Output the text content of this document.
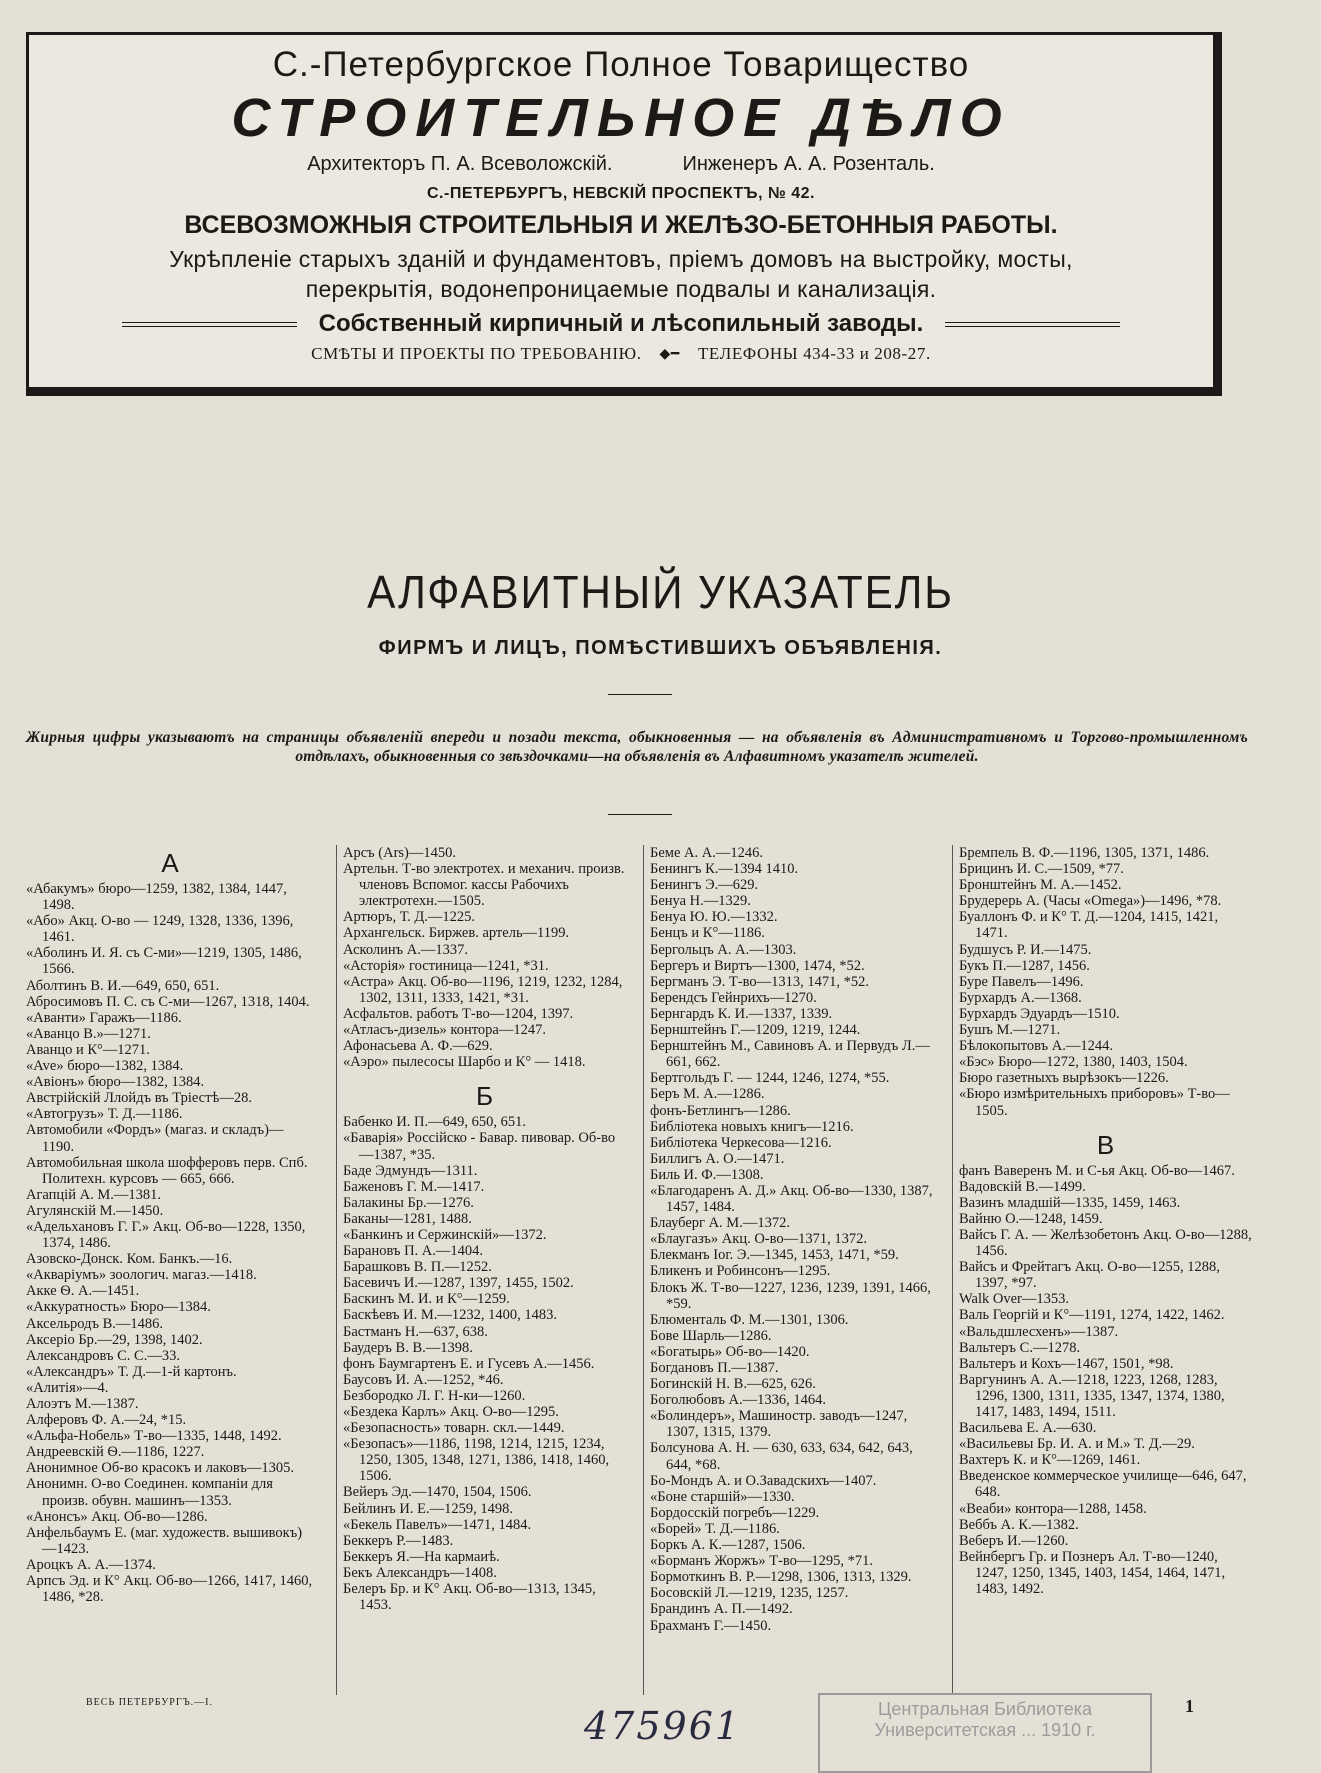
С.-Петербургское Полное Товарищество
СТРОИТЕЛЬНОЕ ДѢЛО
Архитекторъ П. А. Всеволожскій.	Инженеръ А. А. Розенталь.
С.-ПЕТЕРБУРГЪ, НЕВСКІЙ ПРОСПЕКТЪ, № 42.
ВСЕВОЗМОЖНЫЯ СТРОИТЕЛЬНЫЯ И ЖЕЛѢЗО-БЕТОННЫЯ РАБОТЫ.
Укрѣпленіе старыхъ зданій и фундаментовъ, пріемъ домовъ на выстройку, мосты,
перекрытія, водонепроницаемые подвалы и канализація.
Собственный кирпичный и лѣсопильный заводы.
СМѢТЫ И ПРОЕКТЫ ПО ТРЕБОВАНІЮ. ◆━ ТЕЛЕФОНЫ 434-33 и 208-27.
АЛФАВИТНЫЙ УКАЗАТЕЛЬ
ФИРМЪ И ЛИЦЪ, ПОМѢСТИВШИХЪ ОБЪЯВЛЕНІЯ.
Жирныя цифры указываютъ на страницы объявленій впереди и позади текста, обыкновенныя — на объявленія въ Административномъ и Торгово-промышленномъ отдѣлахъ, обыкновенныя со звѣздочками—на объявленія въ Алфавитномъ указателѣ жителей.
А

«Абакумъ» бюро—1259, 1382, 1384, 1447, 1498.

«Або» Акц. О-во — 1249, 1328, 1336, 1396, 1461.

«Аболинъ И. Я. съ С-ми»—1219, 1305, 1486, 1566.

Аболтинъ В. И.—649, 650, 651.

Абросимовъ П. С. съ С-ми—1267, 1318, 1404.

«Аванти» Гаражъ—1186.

«Аванцо В.»—1271.

Аванцо и К°—1271.

«Ave» бюро—1382, 1384.

«Авіонъ» бюро—1382, 1384.

Австрійскій Ллойдъ въ Тріестѣ—28.

«Автогрузъ» Т. Д.—1186.

Автомобили «Фордъ» (магаз. и складъ)—1190.

Автомобильная школа шофферовъ перв. Спб. Политехн. курсовъ — 665, 666.

Агапцій А. М.—1381.

Агулянскій М.—1450.

«Адельхановъ Г. Г.» Акц. Об-во—1228, 1350, 1374, 1486.

Азовско-Донск. Ком. Банкъ.—16.

«Акваріумъ» зоологич. магаз.—1418.

Акке Ѳ. А.—1451.

«Аккуратность» Бюро—1384.

Аксельродъ В.—1486.

Аксеріо Бр.—29, 1398, 1402.

Александровъ С. С.—33.

«Александръ» Т. Д.—1-й картонъ.

«Алитія»—4.

Алоэтъ М.—1387.

Алферовъ Ф. А.—24, *15.

«Альфа-Нобель» Т-во—1335, 1448, 1492.

Андреевскій Ѳ.—1186, 1227.

Анонимное Об-во красокъ и лаковъ—1305.

Анонимн. О-во Соединен. компаніи для произв. обувн. машинъ—1353.

«Анонсъ» Акц. Об-во—1286.

Анфельбаумъ Е. (маг. художеств. вышивокъ)—1423.

Ароцкъ А. А.—1374.

Арпсъ Эд. и К° Акц. Об-во—1266, 1417, 1460, 1486, *28.

Арсъ (Ars)—1450.

Артельн. Т-во электротех. и механич. произв. членовъ Вспомог. кассы Рабочихъ электротехн.—1505.

Артюръ, Т. Д.—1225.

Архангельск. Биржев. артель—1199.

Асколинъ А.—1337.

«Асторія» гостиница—1241, *31.

«Астра» Акц. Об-во—1196, 1219, 1232, 1284, 1302, 1311, 1333, 1421, *31.

Асфальтов. работъ Т-во—1204, 1397.

«Атласъ-дизель» контора—1247.

Афонасьева А. Ф.—629.

«Аэро» пылесосы Шарбо и К° — 1418.

Б

Бабенко И. П.—649, 650, 651.

«Баварія» Россійско - Бавар. пивовар. Об-во—1387, *35.

Баде Эдмундъ—1311.

Баженовъ Г. М.—1417.

Балакины Бр.—1276.

Баканы—1281, 1488.

«Банкинъ и Сержинскій»—1372.

Барановъ П. А.—1404.

Барашковъ В. П.—1252.

Басевичъ И.—1287, 1397, 1455, 1502.

Баскинъ М. И. и К°—1259.

Баскѣевъ И. М.—1232, 1400, 1483.

Бастманъ Н.—637, 638.

Баудеръ В. В.—1398.

фонъ Баумгартенъ Е. и Гусевъ А.—1456.

Баусовъ И. А.—1252, *46.

Безбородко Л. Г. Н-ки—1260.

«Бездека Карлъ» Акц. О-во—1295.

«Безопасность» товарн. скл.—1449.

«Безопасъ»—1186, 1198, 1214, 1215, 1234, 1250, 1305, 1348, 1271, 1386, 1418, 1460, 1506.

Вейеръ Эд.—1470, 1504, 1506.

Бейлинъ И. Е.—1259, 1498.

«Бекель Павелъ»—1471, 1484.

Беккеръ Р.—1483.

Беккеръ Я.—На кармаиѣ.

Бекъ Александръ—1408.

Белеръ Бр. и К° Акц. Об-во—1313, 1345, 1453.

Беме А. А.—1246.

Бенингъ К.—1394 1410.

Бенингъ Э.—629.

Бенуа Н.—1329.

Бенуа Ю. Ю.—1332.

Бенцъ и К°—1186.

Бергольцъ А. А.—1303.

Бергеръ и Виртъ—1300, 1474, *52.

Бергманъ Э. Т-во—1313, 1471, *52.

Берендсъ Гейнрихъ—1270.

Бернгардъ К. И.—1337, 1339.

Бернштейнъ Г.—1209, 1219, 1244.

Бернштейнъ М., Савиновъ А. и Первудъ Л.—661, 662.

Бертгольдъ Г. — 1244, 1246, 1274, *55.

Беръ М. А.—1286.

фонъ-Бетлингъ—1286.

Библіотека новыхъ книгъ—1216.

Библіотека Черкесова—1216.

Биллигъ А. О.—1471.

Биль И. Ф.—1308.

«Благодаренъ А. Д.» Акц. Об-во—1330, 1387, 1457, 1484.

Блауберг А. М.—1372.

«Блаугазъ» Акц. О-во—1371, 1372.

Блекманъ Іог. Э.—1345, 1453, 1471, *59.

Бликенъ и Робинсонъ—1295.

Блокъ Ж. Т-во—1227, 1236, 1239, 1391, 1466, *59.

Блюменталь Ф. М.—1301, 1306.

Бове Шарль—1286.

«Богатырь» Об-во—1420.

Богдановъ П.—1387.

Богинскій Н. В.—625, 626.

Боголюбовъ А.—1336, 1464.

«Болиндеръ», Машиностр. заводъ—1247, 1307, 1315, 1379.

Болсунова А. Н. — 630, 633, 634, 642, 643, 644, *68.

Бо-Мондъ А. и О.Завадскихъ—1407.

«Боне старшій»—1330.

Бордосскій погребъ—1229.

«Борей» Т. Д.—1186.

Боркъ А. К.—1287, 1506.

«Борманъ Жоржъ» Т-во—1295, *71.

Бормоткинъ В. Р.—1298, 1306, 1313, 1329.

Босовскій Л.—1219, 1235, 1257.

Брандинъ А. П.—1492.

Брахманъ Г.—1450.

Бремпель В. Ф.—1196, 1305, 1371, 1486.

Брицинъ И. С.—1509, *77.

Бронштейнъ М. А.—1452.

Брудерерь А. (Часы «Omega»)—1496, *78.

Буаллонъ Ф. и К° Т. Д.—1204, 1415, 1421, 1471.

Будшусъ Р. И.—1475.

Букъ П.—1287, 1456.

Буре Павелъ—1496.

Бурхардъ А.—1368.

Бурхардъ Эдуардъ—1510.

Бушъ М.—1271.

Бѣлокопытовъ А.—1244.

«Бэс» Бюро—1272, 1380, 1403, 1504.

Бюро газетныхъ вырѣзокъ—1226.

«Бюро измѣрительныхъ приборовъ» Т-во—1505.

В

фанъ Вавеpенъ М. и С-ья Акц. Об-во—1467.

Вадовскій В.—1499.

Вазинъ младшій—1335, 1459, 1463.

Вайню О.—1248, 1459.

Вайсъ Г. А. — Желѣзобетонъ Акц. О-во—1288, 1456.

Вайсъ и Фрейтагъ Акц. О-во—1255, 1288, 1397, *97.

Walk Over—1353.

Валь Георгій и К°—1191, 1274, 1422, 1462.

«Вальдшлесхенъ»—1387.

Вальтеръ С.—1278.

Вальтеръ и Кохъ—1467, 1501, *98.

Варгунинъ А. А.—1218, 1223, 1268, 1283, 1296, 1300, 1311, 1335, 1347, 1374, 1380, 1417, 1483, 1494, 1511.

Васильева Е. А.—630.

«Васильевы Бр. И. А. и М.» Т. Д.—29.

Вахтеръ К. и К°—1269, 1461.

Введенское коммерческое училище—646, 647, 648.

«Веаби» контора—1288, 1458.

Веббъ А. К.—1382.

Веберъ И.—1260.

Вейнбергъ Гр. и Познеръ Ал. Т-во—1240, 1247, 1250, 1345, 1403, 1454, 1464, 1471, 1483, 1492.

ВЕСЬ ПЕТЕРБУРГЪ.—I.
475961	Центральная Библиотека Университетская ... 1910 г.
1
